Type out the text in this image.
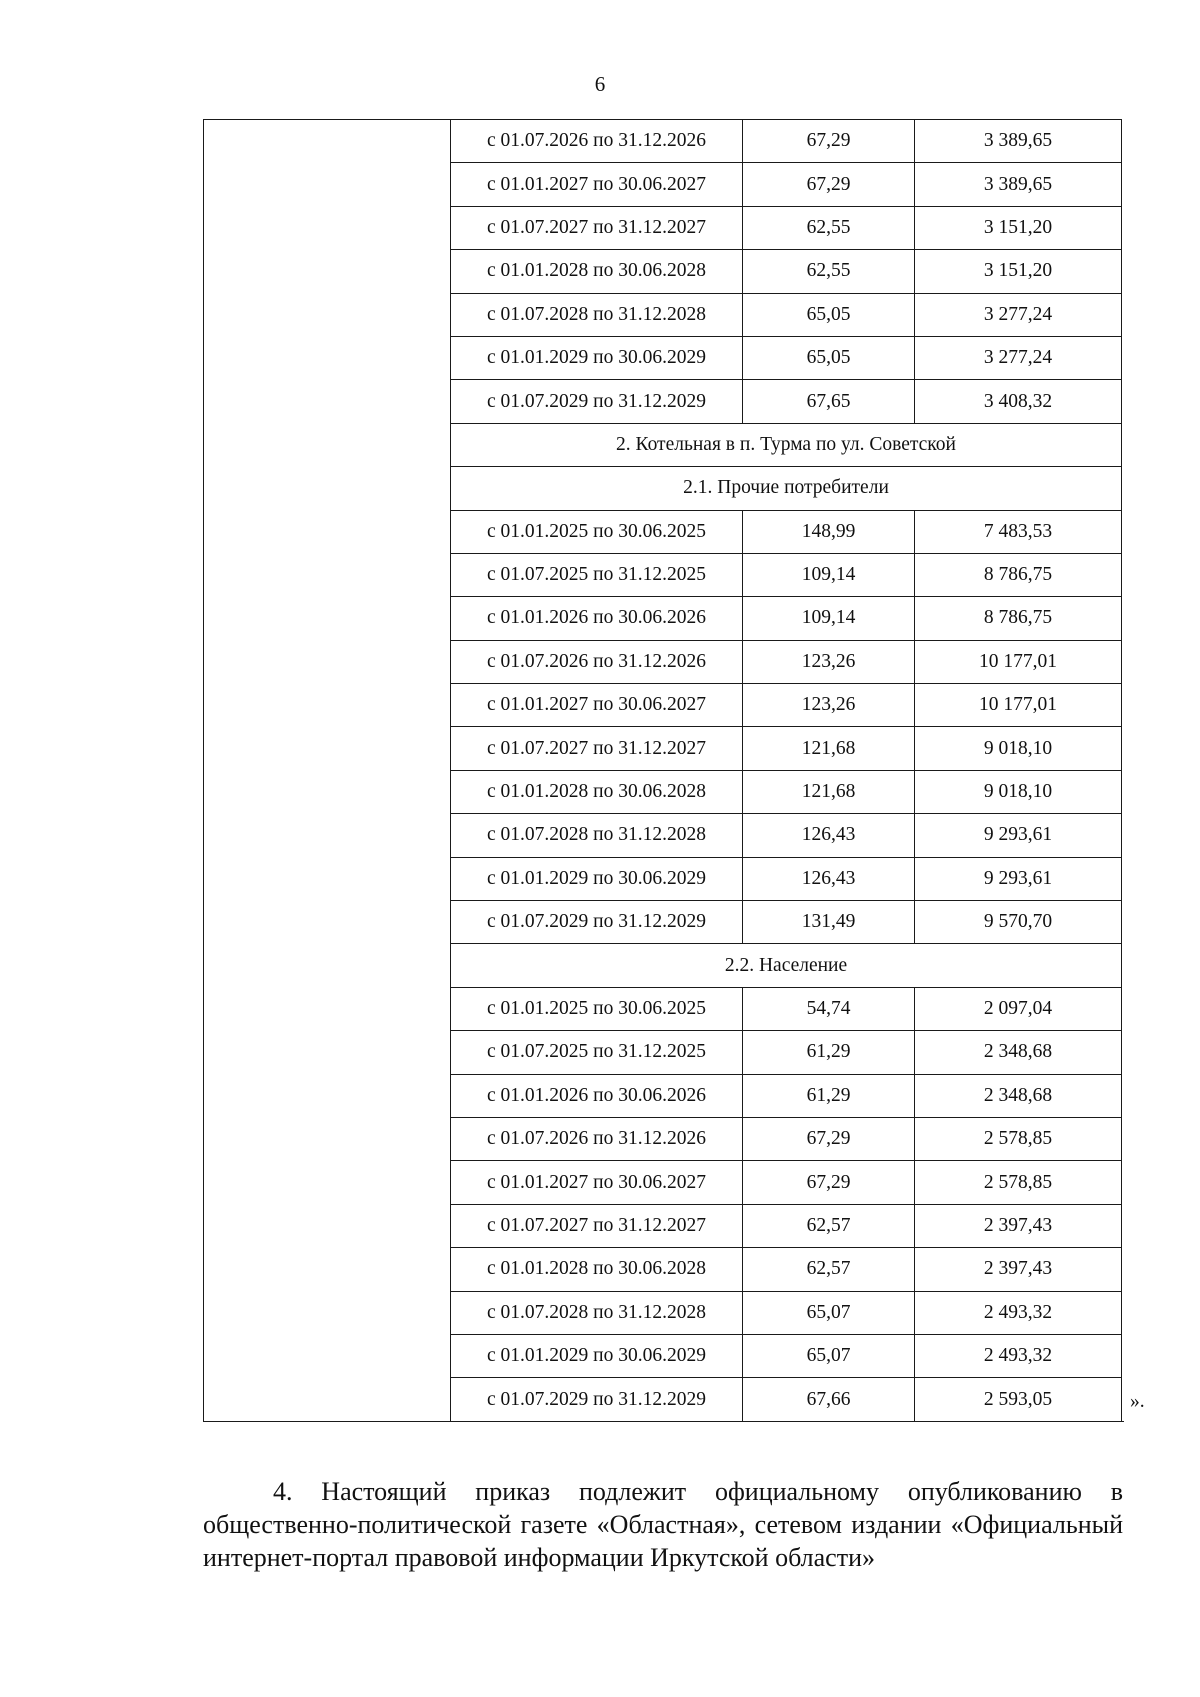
6
	с 01.07.2026 по 31.12.2026	67,29	3 389,65	
	с 01.01.2027 по 30.06.2027	67,29	3 389,65	
	с 01.07.2027 по 31.12.2027	62,55	3 151,20	
	с 01.01.2028 по 30.06.2028	62,55	3 151,20	
	с 01.07.2028 по 31.12.2028	65,05	3 277,24	
	с 01.01.2029 по 30.06.2029	65,05	3 277,24	
	с 01.07.2029 по 31.12.2029	67,65	3 408,32	
	2. Котельная в п. Турма по ул. Советской			
	2.1. Прочие потребители			
	с 01.01.2025 по 30.06.2025	148,99	7 483,53	
	с 01.07.2025 по 31.12.2025	109,14	8 786,75	
	с 01.01.2026 по 30.06.2026	109,14	8 786,75	
	с 01.07.2026 по 31.12.2026	123,26	10 177,01	
	с 01.01.2027 по 30.06.2027	123,26	10 177,01	
	с 01.07.2027 по 31.12.2027	121,68	9 018,10	
	с 01.01.2028 по 30.06.2028	121,68	9 018,10	
	с 01.07.2028 по 31.12.2028	126,43	9 293,61	
	с 01.01.2029 по 30.06.2029	126,43	9 293,61	
	с 01.07.2029 по 31.12.2029	131,49	9 570,70	
	2.2. Население			
	с 01.01.2025 по 30.06.2025	54,74	2 097,04	
	с 01.07.2025 по 31.12.2025	61,29	2 348,68	
	с 01.01.2026 по 30.06.2026	61,29	2 348,68	
	с 01.07.2026 по 31.12.2026	67,29	2 578,85	
	с 01.01.2027 по 30.06.2027	67,29	2 578,85	
	с 01.07.2027 по 31.12.2027	62,57	2 397,43	
	с 01.01.2028 по 30.06.2028	62,57	2 397,43	
	с 01.07.2028 по 31.12.2028	65,07	2 493,32	
	с 01.01.2029 по 30.06.2029	65,07	2 493,32	
	с 01.07.2029 по 31.12.2029	67,66	2 593,05	».

4. Настоящий приказ подлежит официальному опубликованию в общественно-политической газете «Областная», сетевом издании «Официальный интернет-портал правовой информации Иркутской области»
